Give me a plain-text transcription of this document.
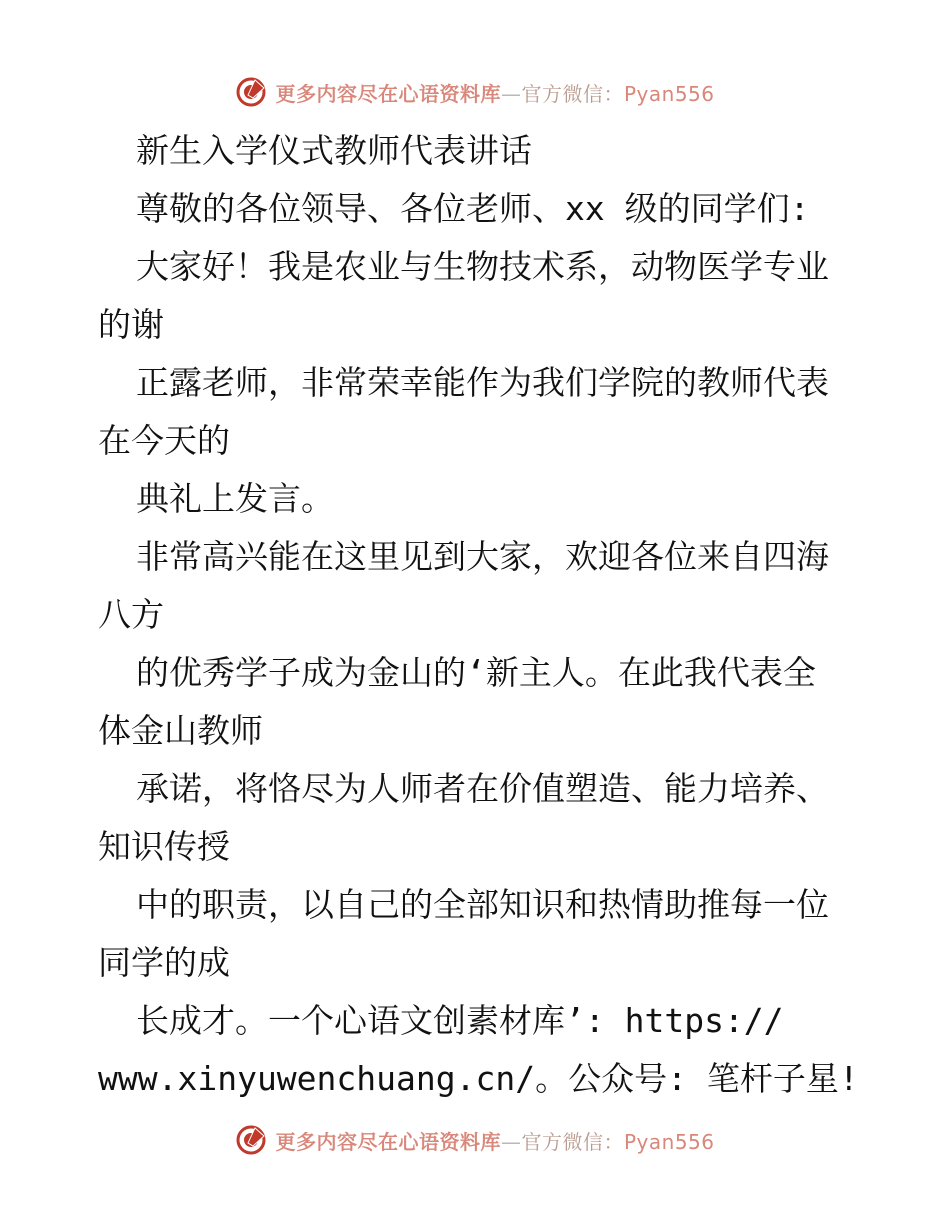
更多内容尽在心语资料库—官方微信：Pyan556
新生入学仪式教师代表讲话
尊敬的各位领导、各位老师、xx 级的同学们:
大家好！我是农业与生物技术系，动物医学专业
的谢
正露老师，非常荣幸能作为我们学院的教师代表
在今天的
典礼上发言。
非常高兴能在这里见到大家，欢迎各位来自四海
八方
的优秀学子成为金山的‘新主人。在此我代表全
体金山教师
承诺，将恪尽为人师者在价值塑造、能力培养、
知识传授
中的职责，以自己的全部知识和热情助推每一位
同学的成
长成才。一个心语文创素材库’: https://
www.xinyuwenchuang.cn/。公众号: 笔杆子星!
更多内容尽在心语资料库—官方微信：Pyan556
